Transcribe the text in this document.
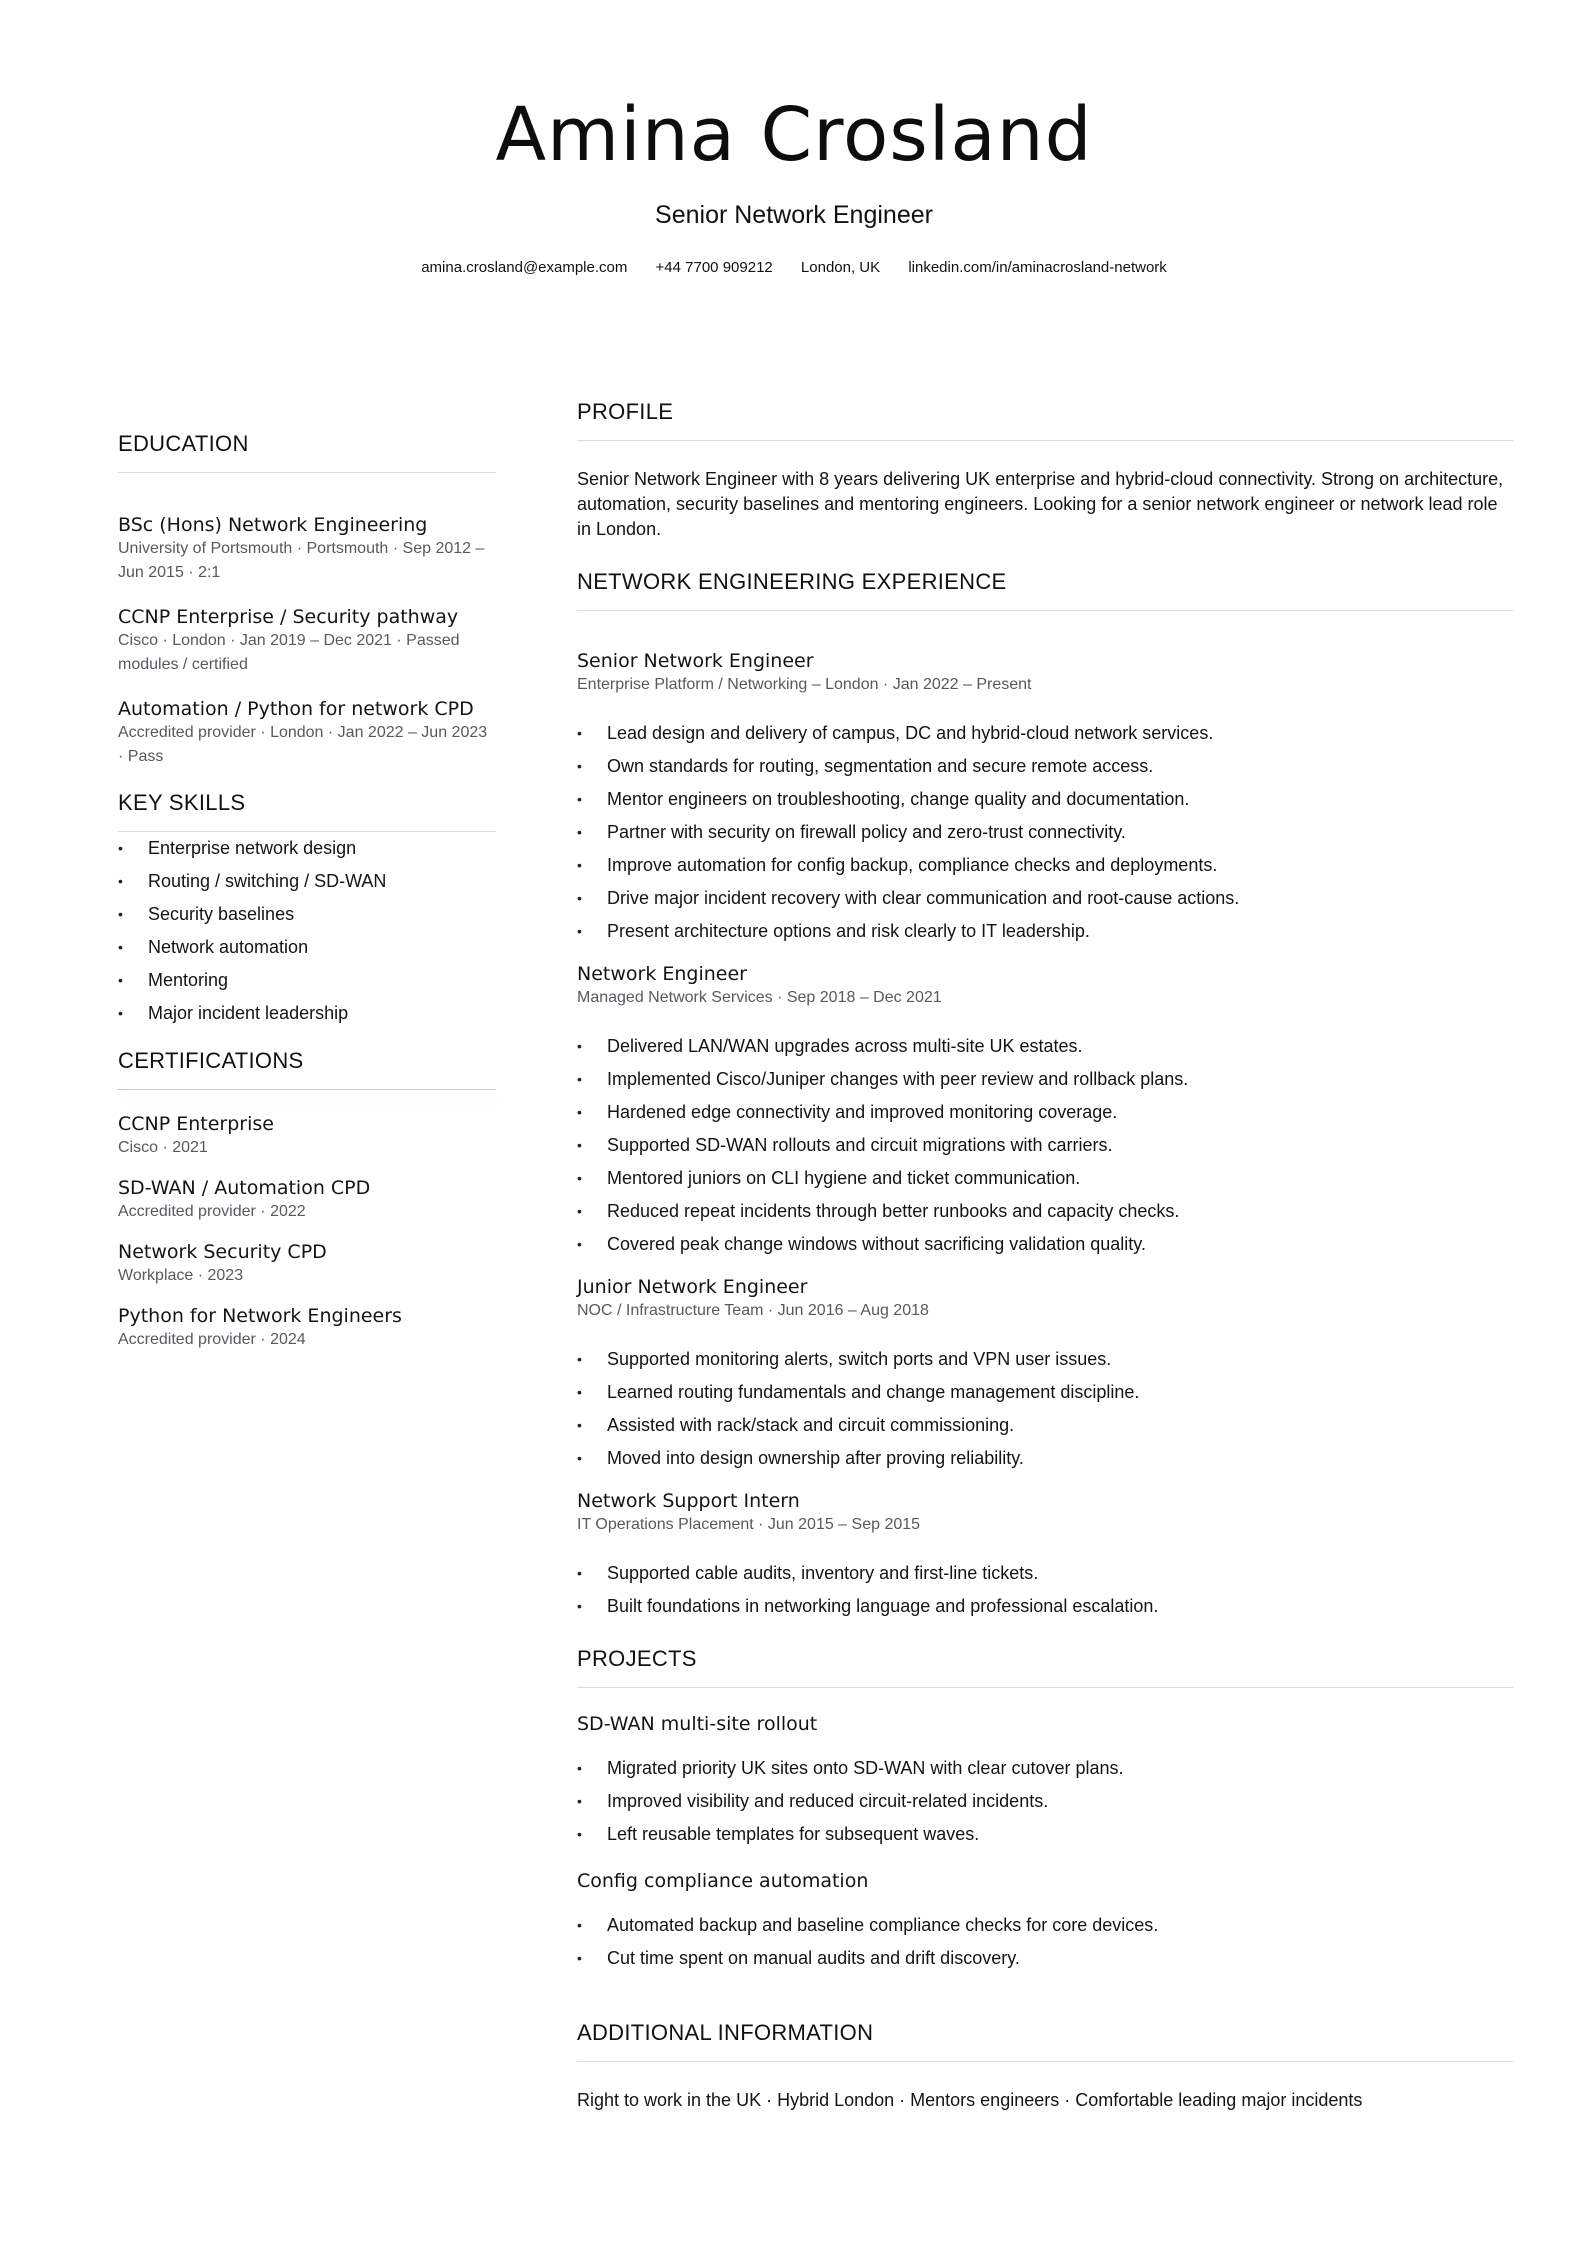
Amina Crosland
Senior Network Engineer
amina.crosland@example.com +44 7700 909212 London, UK linkedin.com/in/aminacrosland-network
EDUCATION
BSc (Hons) Network Engineering
University of Portsmouth · Portsmouth · Sep 2012 – Jun 2015 · 2:1
CCNP Enterprise / Security pathway
Cisco · London · Jan 2019 – Dec 2021 · Passed modules / certified
Automation / Python for network CPD
Accredited provider · London · Jan 2022 – Jun 2023 · Pass
KEY SKILLS
• Enterprise network design
• Routing / switching / SD-WAN
• Security baselines
• Network automation
• Mentoring
• Major incident leadership
CERTIFICATIONS
CCNP Enterprise
Cisco · 2021
SD-WAN / Automation CPD
Accredited provider · 2022
Network Security CPD
Workplace · 2023
Python for Network Engineers
Accredited provider · 2024
PROFILE
Senior Network Engineer with 8 years delivering UK enterprise and hybrid-cloud connectivity. Strong on architecture, automation, security baselines and mentoring engineers. Looking for a senior network engineer or network lead role in London.
NETWORK ENGINEERING EXPERIENCE
Senior Network Engineer
Enterprise Platform / Networking – London · Jan 2022 – Present
• Lead design and delivery of campus, DC and hybrid-cloud network services.
• Own standards for routing, segmentation and secure remote access.
• Mentor engineers on troubleshooting, change quality and documentation.
• Partner with security on firewall policy and zero-trust connectivity.
• Improve automation for config backup, compliance checks and deployments.
• Drive major incident recovery with clear communication and root-cause actions.
• Present architecture options and risk clearly to IT leadership.
Network Engineer
Managed Network Services · Sep 2018 – Dec 2021
• Delivered LAN/WAN upgrades across multi-site UK estates.
• Implemented Cisco/Juniper changes with peer review and rollback plans.
• Hardened edge connectivity and improved monitoring coverage.
• Supported SD-WAN rollouts and circuit migrations with carriers.
• Mentored juniors on CLI hygiene and ticket communication.
• Reduced repeat incidents through better runbooks and capacity checks.
• Covered peak change windows without sacrificing validation quality.
Junior Network Engineer
NOC / Infrastructure Team · Jun 2016 – Aug 2018
• Supported monitoring alerts, switch ports and VPN user issues.
• Learned routing fundamentals and change management discipline.
• Assisted with rack/stack and circuit commissioning.
• Moved into design ownership after proving reliability.
Network Support Intern
IT Operations Placement · Jun 2015 – Sep 2015
• Supported cable audits, inventory and first-line tickets.
• Built foundations in networking language and professional escalation.
PROJECTS
SD-WAN multi-site rollout
• Migrated priority UK sites onto SD-WAN with clear cutover plans.
• Improved visibility and reduced circuit-related incidents.
• Left reusable templates for subsequent waves.
Config compliance automation
• Automated backup and baseline compliance checks for core devices.
• Cut time spent on manual audits and drift discovery.
ADDITIONAL INFORMATION
Right to work in the UK · Hybrid London · Mentors engineers · Comfortable leading major incidents
